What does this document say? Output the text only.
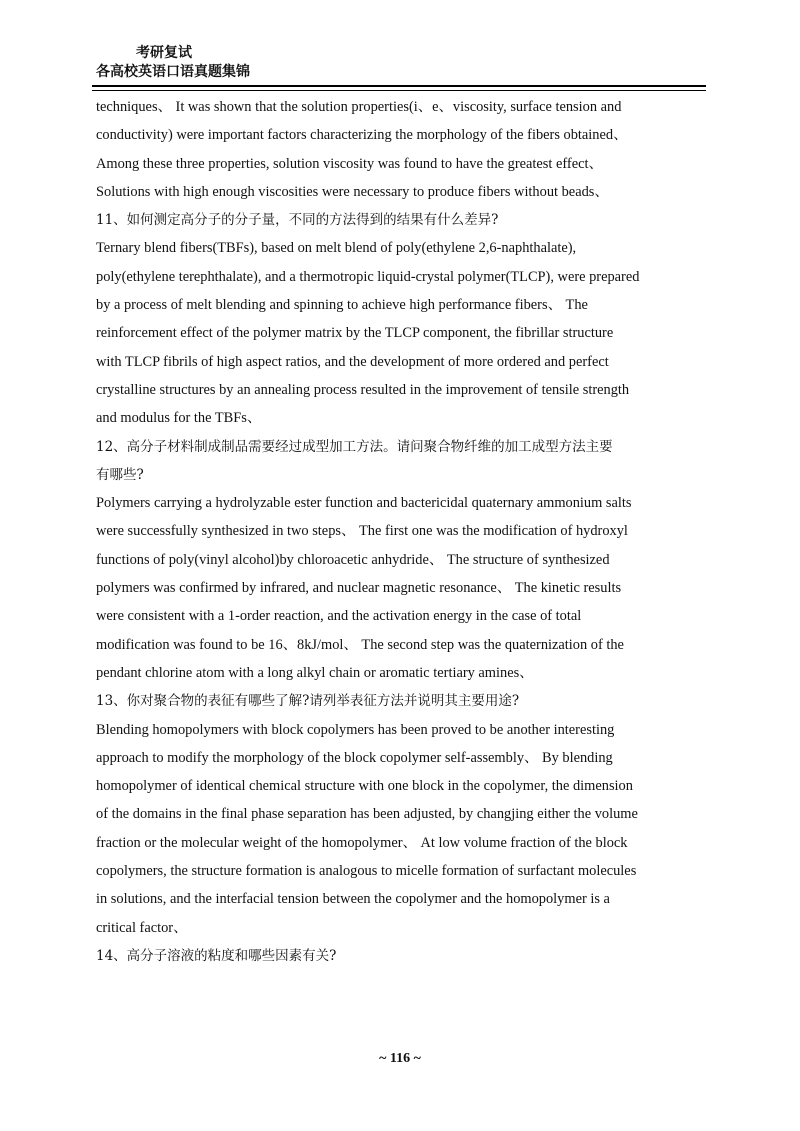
考研复试
各高校英语口语真题集锦

techniques、 It was shown that the solution properties(i、e、viscosity, surface tension and

conductivity) were important factors characterizing the morphology of the fibers obtained、

Among these three properties, solution viscosity was found to have the greatest effect、

Solutions with high enough viscosities were necessary to produce fibers without beads、

11、如何测定高分子的分子量，不同的方法得到的结果有什么差异?

Ternary blend fibers(TBFs), based on melt blend of poly(ethylene 2,6-naphthalate),

poly(ethylene terephthalate), and a thermotropic liquid-crystal polymer(TLCP), were prepared

by a process of melt blending and spinning to achieve high performance fibers、 The

reinforcement effect of the polymer matrix by the TLCP component, the fibrillar structure

with TLCP fibrils of high aspect ratios, and the development of more ordered and perfect

crystalline structures by an annealing process resulted in the improvement of tensile strength

and modulus for the TBFs、

12、高分子材料制成制品需要经过成型加工方法。请问聚合物纤维的加工成型方法主要

有哪些?

Polymers carrying a hydrolyzable ester function and bactericidal quaternary ammonium salts

were successfully synthesized in two steps、 The first one was the modification of hydroxyl

functions of poly(vinyl alcohol)by chloroacetic anhydride、 The structure of synthesized

polymers was confirmed by infrared, and nuclear magnetic resonance、 The kinetic results

were consistent with a 1-order reaction, and the activation energy in the case of total

modification was found to be 16、8kJ/mol、 The second step was the quaternization of the

pendant chlorine atom with a long alkyl chain or aromatic tertiary amines、

13、你对聚合物的表征有哪些了解?请列举表征方法并说明其主要用途?

Blending homopolymers with block copolymers has been proved to be another interesting

approach to modify the morphology of the block copolymer self-assembly、 By blending

homopolymer of identical chemical structure with one block in the copolymer, the dimension

of the domains in the final phase separation has been adjusted, by changjing either the volume

fraction or the molecular weight of the homopolymer、 At low volume fraction of the block

copolymers, the structure formation is analogous to micelle formation of surfactant molecules

in solutions, and the interfacial tension between the copolymer and the homopolymer is a

critical factor、

14、高分子溶液的粘度和哪些因素有关?

~ 116 ~
